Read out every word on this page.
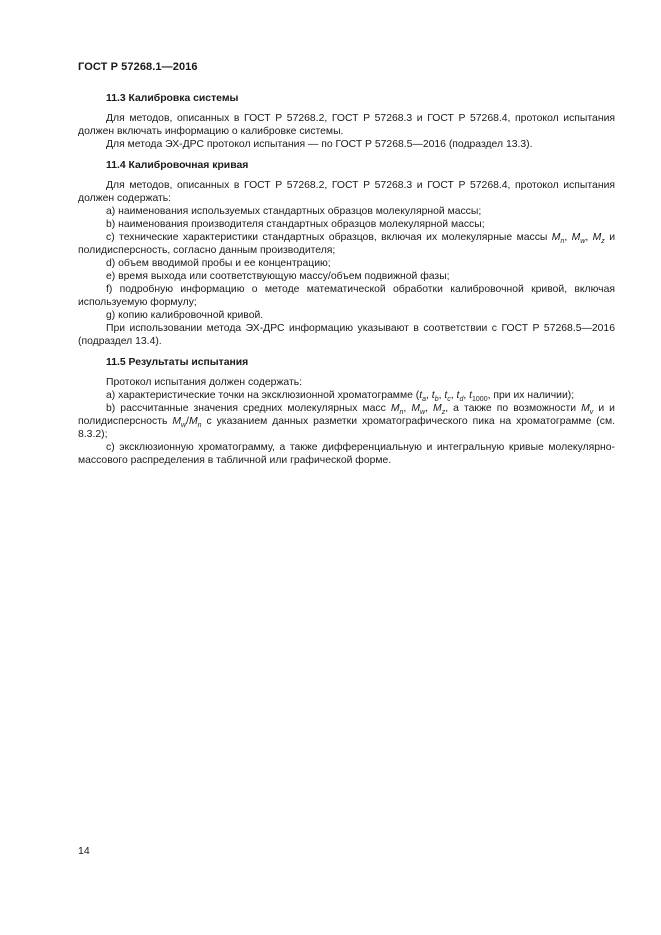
ГОСТ Р 57268.1—2016
11.3 Калибровка системы

Для методов, описанных в ГОСТ Р 57268.2, ГОСТ Р 57268.3 и ГОСТ Р 57268.4, протокол испытания должен включать информацию о калибровке системы.

Для метода ЭХ-ДРС протокол испытания — по ГОСТ Р 57268.5—2016 (подраздел 13.3).

11.4 Калибровочная кривая

Для методов, описанных в ГОСТ Р 57268.2, ГОСТ Р 57268.3 и ГОСТ Р 57268.4, протокол испытания должен содержать:

a) наименования используемых стандартных образцов молекулярной массы;

b) наименования производителя стандартных образцов молекулярной массы;

c) технические характеристики стандартных образцов, включая их молекулярные массы $M_n$, $M_w$, $M_z$ и полидисперсность, согласно данным производителя;

d) объем вводимой пробы и ее концентрацию;

e) время выхода или соответствующую массу/объем подвижной фазы;

f) подробную информацию о методе математической обработки калибровочной кривой, включая используемую формулу;

g) копию калибровочной кривой.

При использовании метода ЭХ-ДРС информацию указывают в соответствии с ГОСТ Р 57268.5—2016 (подраздел 13.4).

11.5 Результаты испытания

Протокол испытания должен содержать:

a) характеристические точки на эксклюзионной хроматограмме ($t_a$, $t_b$, $t_c$, $t_d$, $t_{1000}$, при их наличии);

b) рассчитанные значения средних молекулярных масс $M_n$, $M_w$, $M_z$, а также по возможности $M_v$ и и полидисперсность $M_w/M_n$ с указанием данных разметки хроматографического пика на хроматограмме (см. 8.3.2);

c) эксклюзионную хроматограмму, а также дифференциальную и интегральную кривые молекулярно-массового распределения в табличной или графической форме.

14
